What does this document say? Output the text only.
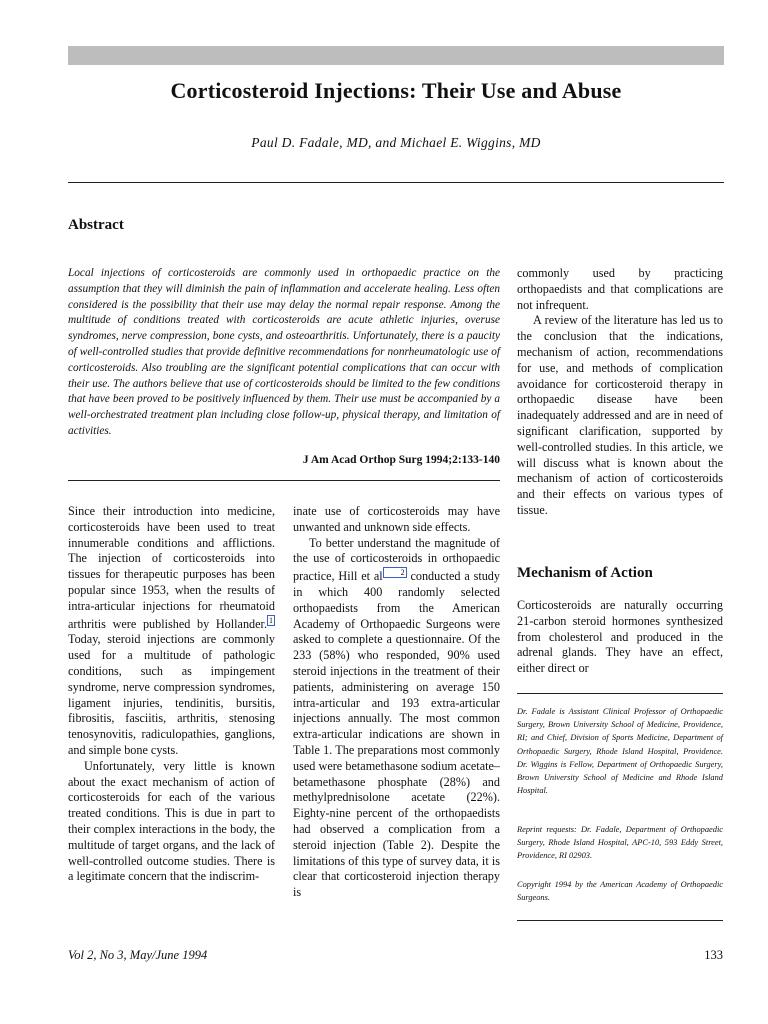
Corticosteroid Injections: Their Use and Abuse
Paul D. Fadale, MD, and Michael E. Wiggins, MD
Abstract
Local injections of corticosteroids are commonly used in orthopaedic practice on the assumption that they will diminish the pain of inflammation and accelerate healing. Less often considered is the possibility that their use may delay the normal repair response. Among the multitude of conditions treated with corticosteroids are acute athletic injuries, overuse syndromes, nerve compression, bone cysts, and osteoarthritis. Unfortunately, there is a paucity of well-controlled studies that provide definitive recommendations for nonrheumatologic use of corticosteroids. Also troubling are the significant potential complications that can occur with their use. The authors believe that use of corticosteroids should be limited to the few conditions that have been proved to be positively influenced by them. Their use must be accompanied by a well-orchestrated treatment plan including close follow-up, physical therapy, and limitation of activities.
J Am Acad Orthop Surg 1994;2:133-140

Since their introduction into medicine, corticosteroids have been used to treat innumerable conditions and afflictions. The injection of corticosteroids into tissues for therapeutic purposes has been popular since 1953, when the results of intra-articular injections for rheumatoid arthritis were published by Hollander. 1 Today, steroid injections are commonly used for a multitude of pathologic conditions, such as impingement syndrome, nerve compression syndromes, ligament injuries, tendinitis, bursitis, fibrositis, fasciitis, arthritis, stenosing tenosynovitis, radiculopathies, ganglions, and simple bone cysts.

Unfortunately, very little is known about the exact mechanism of action of corticosteroids for each of the various treated conditions. This is due in part to their complex interactions in the body, the multitude of target organs, and the lack of well-controlled outcome studies. There is a legitimate concern that the indiscrim-

inate use of corticosteroids may have unwanted and unknown side effects.

To better understand the magnitude of the use of corticosteroids in orthopaedic practice, Hill et al 2 conducted a study in which 400 randomly selected orthopaedists from the American Academy of Orthopaedic Surgeons were asked to complete a questionnaire. Of the 233 (58%) who responded, 90% used steroid injections in the treatment of their patients, administering on average 150 intra-articular and 193 extra-articular injections annually. The most common extra-articular indications are shown in Table 1. The preparations most commonly used were betamethasone sodium acetate–betamethasone phosphate (28%) and methylprednisolone acetate (22%). Eighty-nine percent of the orthopaedists had observed a complication from a steroid injection (Table 2). Despite the limitations of this type of survey data, it is clear that corticosteroid injection therapy is

commonly used by practicing orthopaedists and that complications are not infrequent.

A review of the literature has led us to the conclusion that the indications, mechanism of action, recommendations for use, and methods of complication avoidance for corticosteroid therapy in orthopaedic disease have been inadequately addressed and are in need of significant clarification, supported by well-controlled studies. In this article, we will discuss what is known about the mechanism of action of corticosteroids and their effects on various types of tissue.

Mechanism of Action

Corticosteroids are naturally occurring 21-carbon steroid hormones synthesized from cholesterol and produced in the adrenal glands. They have an effect, either direct or

Dr. Fadale is Assistant Clinical Professor of Orthopaedic Surgery, Brown University School of Medicine, Providence, RI; and Chief, Division of Sports Medicine, Department of Orthopaedic Surgery, Rhode Island Hospital, Providence. Dr. Wiggins is Fellow, Department of Orthopaedic Surgery, Brown University School of Medicine and Rhode Island Hospital.
Reprint requests: Dr. Fadale, Department of Orthopaedic Surgery, Rhode Island Hospital, APC-10, 593 Eddy Street, Providence, RI 02903.
Copyright 1994 by the American Academy of Orthopaedic Surgeons.
Vol 2, No 3, May/June 1994	133
